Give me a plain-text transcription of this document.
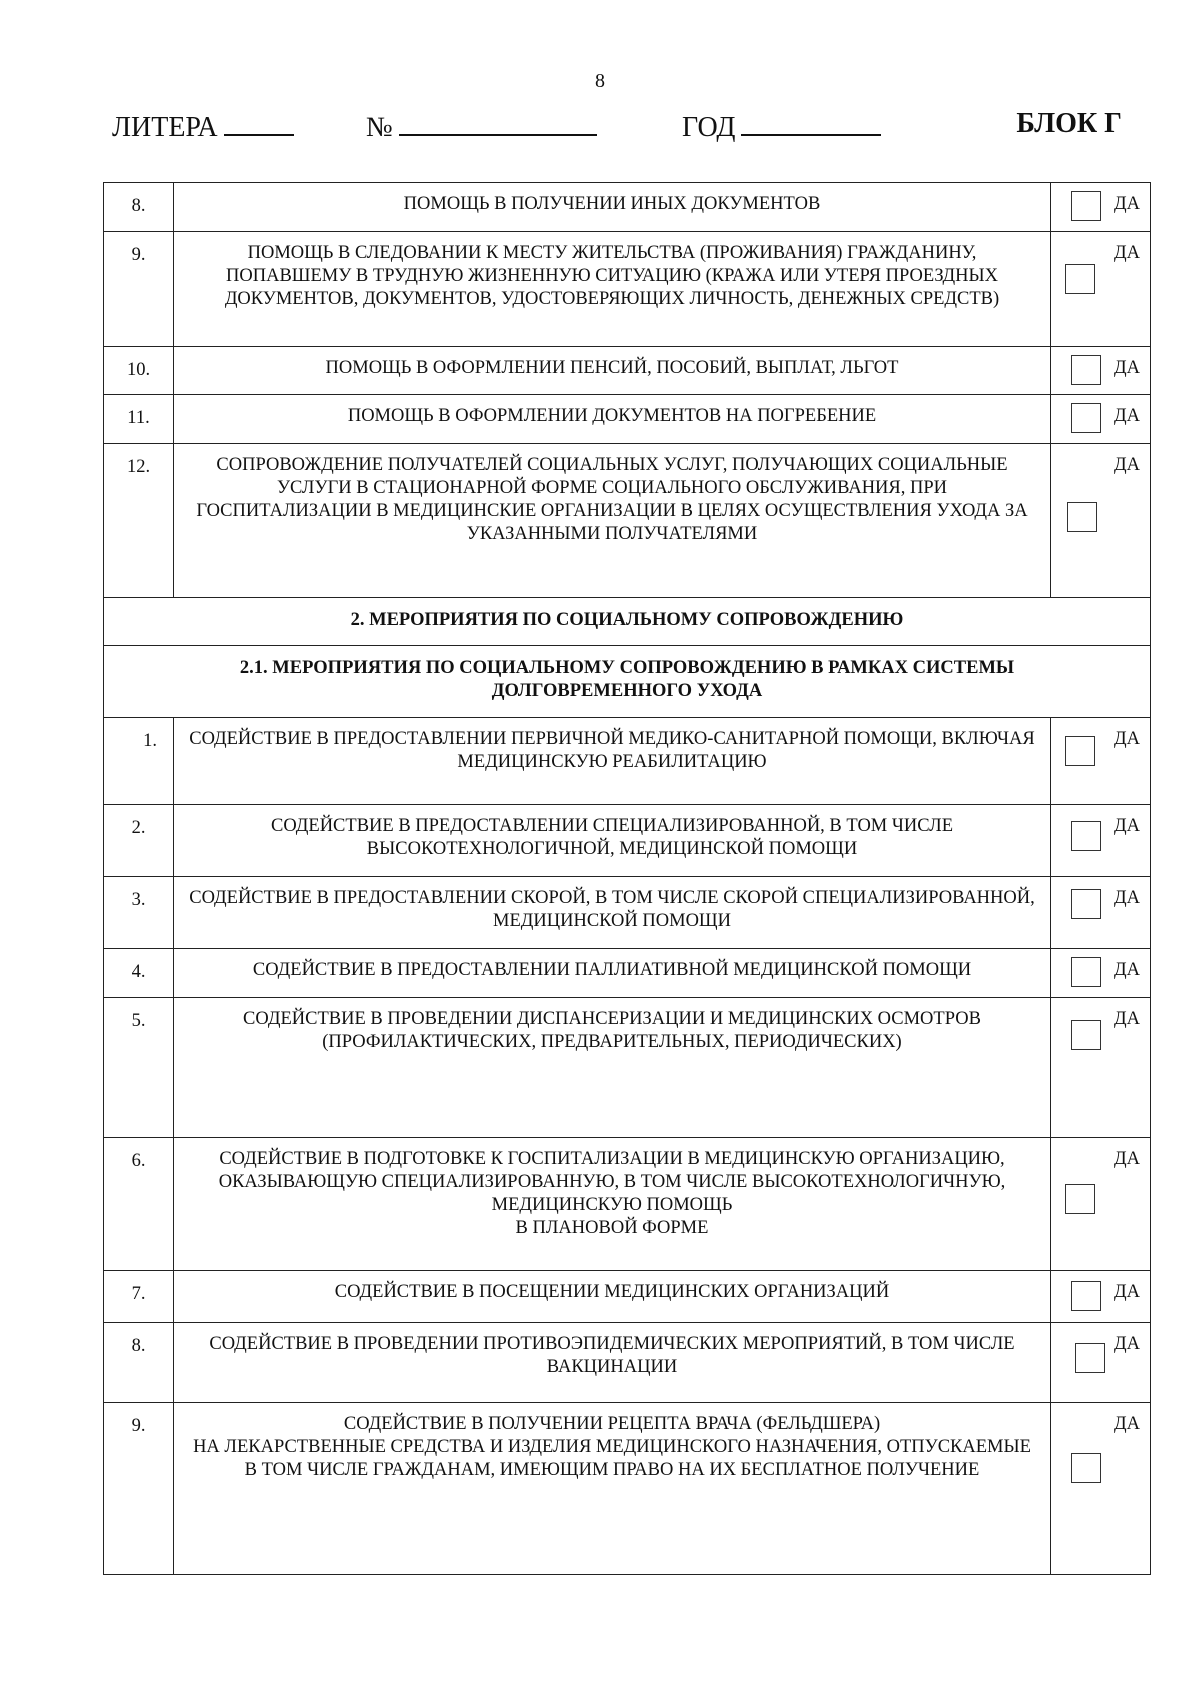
8
ЛИТЕРА	№	ГОД	БЛОК Г
8.	ПОМОЩЬ В ПОЛУЧЕНИИ ИНЫХ ДОКУМЕНТОВ	ДА

9.	ПОМОЩЬ В СЛЕДОВАНИИ К МЕСТУ ЖИТЕЛЬСТВА (ПРОЖИВАНИЯ) ГРАЖДАНИНУ, ПОПАВШЕМУ В ТРУДНУЮ ЖИЗНЕННУЮ СИТУАЦИЮ (КРАЖА ИЛИ УТЕРЯ ПРОЕЗДНЫХ ДОКУМЕНТОВ, ДОКУМЕНТОВ, УДОСТОВЕРЯЮЩИХ ЛИЧНОСТЬ, ДЕНЕЖНЫХ СРЕДСТВ)	ДА

10.	ПОМОЩЬ В ОФОРМЛЕНИИ ПЕНСИЙ, ПОСОБИЙ, ВЫПЛАТ, ЛЬГОТ	ДА

11.	ПОМОЩЬ В ОФОРМЛЕНИИ ДОКУМЕНТОВ НА ПОГРЕБЕНИЕ	ДА

12.	СОПРОВОЖДЕНИЕ ПОЛУЧАТЕЛЕЙ СОЦИАЛЬНЫХ УСЛУГ, ПОЛУЧАЮЩИХ СОЦИАЛЬНЫЕ УСЛУГИ В СТАЦИОНАРНОЙ ФОРМЕ СОЦИАЛЬНОГО ОБСЛУЖИВАНИЯ, ПРИ ГОСПИТАЛИЗАЦИИ В МЕДИЦИНСКИЕ ОРГАНИЗАЦИИ В ЦЕЛЯХ ОСУЩЕСТВЛЕНИЯ УХОДА ЗА УКАЗАННЫМИ ПОЛУЧАТЕЛЯМИ	ДА

2. МЕРОПРИЯТИЯ ПО СОЦИАЛЬНОМУ СОПРОВОЖДЕНИЮ		
2.1. МЕРОПРИЯТИЯ ПО СОЦИАЛЬНОМУ СОПРОВОЖДЕНИЮ В РАМКАХ СИСТЕМЫ ДОЛГОВРЕМЕННОГО УХОДА		
1.	СОДЕЙСТВИЕ В ПРЕДОСТАВЛЕНИИ ПЕРВИЧНОЙ МЕДИКО-САНИТАРНОЙ ПОМОЩИ, ВКЛЮЧАЯ МЕДИЦИНСКУЮ РЕАБИЛИТАЦИЮ	ДА

2.	СОДЕЙСТВИЕ В ПРЕДОСТАВЛЕНИИ СПЕЦИАЛИЗИРОВАННОЙ, В ТОМ ЧИСЛЕ ВЫСОКОТЕХНОЛОГИЧНОЙ, МЕДИЦИНСКОЙ ПОМОЩИ	ДА

3.	СОДЕЙСТВИЕ В ПРЕДОСТАВЛЕНИИ СКОРОЙ, В ТОМ ЧИСЛЕ СКОРОЙ СПЕЦИАЛИЗИРОВАННОЙ, МЕДИЦИНСКОЙ ПОМОЩИ	ДА

4.	СОДЕЙСТВИЕ В ПРЕДОСТАВЛЕНИИ ПАЛЛИАТИВНОЙ МЕДИЦИНСКОЙ ПОМОЩИ	ДА

5.	СОДЕЙСТВИЕ В ПРОВЕДЕНИИ ДИСПАНСЕРИЗАЦИИ И МЕДИЦИНСКИХ ОСМОТРОВ (ПРОФИЛАКТИЧЕСКИХ, ПРЕДВАРИТЕЛЬНЫХ, ПЕРИОДИЧЕСКИХ)	ДА

6.	СОДЕЙСТВИЕ В ПОДГОТОВКЕ К ГОСПИТАЛИЗАЦИИ В МЕДИЦИНСКУЮ ОРГАНИЗАЦИЮ, ОКАЗЫВАЮЩУЮ СПЕЦИАЛИЗИРОВАННУЮ, В ТОМ ЧИСЛЕ ВЫСОКОТЕХНОЛОГИЧНУЮ, МЕДИЦИНСКУЮ ПОМОЩЬ
В ПЛАНОВОЙ ФОРМЕ	ДА

7.	СОДЕЙСТВИЕ В ПОСЕЩЕНИИ МЕДИЦИНСКИХ ОРГАНИЗАЦИЙ	ДА

8.	СОДЕЙСТВИЕ В ПРОВЕДЕНИИ ПРОТИВОЭПИДЕМИЧЕСКИХ МЕРОПРИЯТИЙ, В ТОМ ЧИСЛЕ ВАКЦИНАЦИИ	ДА

9.	СОДЕЙСТВИЕ В ПОЛУЧЕНИИ РЕЦЕПТА ВРАЧА (ФЕЛЬДШЕРА)
НА ЛЕКАРСТВЕННЫЕ СРЕДСТВА И ИЗДЕЛИЯ МЕДИЦИНСКОГО НАЗНАЧЕНИЯ, ОТПУСКАЕМЫЕ В ТОМ ЧИСЛЕ ГРАЖДАНАМ, ИМЕЮЩИМ ПРАВО НА ИХ БЕСПЛАТНОЕ ПОЛУЧЕНИЕ	ДА
